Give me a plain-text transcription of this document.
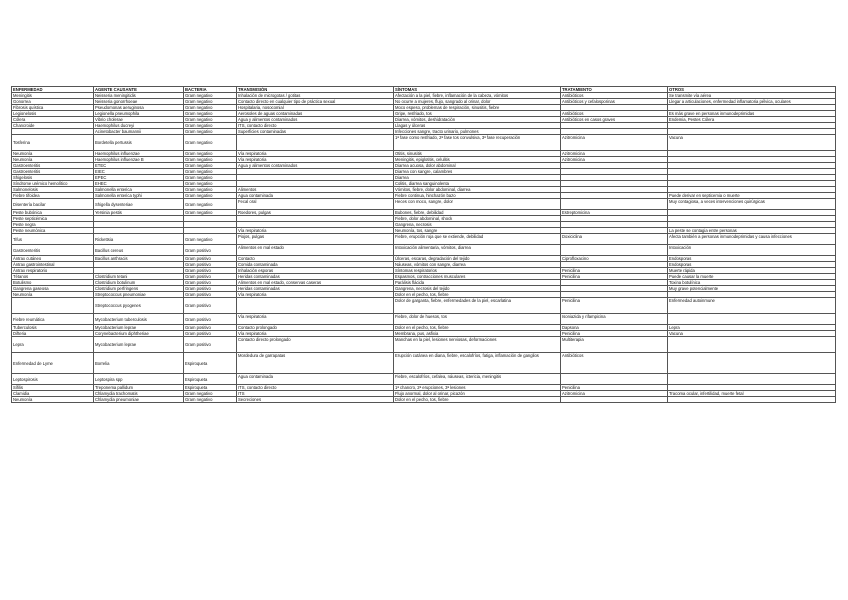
ENFERMEDAD	AGENTE CAUSANTE	BACTERIA	TRANSMISIÓN	SÍNTOMAS	TRATAMIENTO	OTROS
Meningitis	Neisseria meningitidis	Gram negativo	Inhalación de microgotas / gotitas	Afectación a la piel, fiebre, inflamación de la cabeza, vómitos	Antibióticos	Se transmite vía aérea
Gonorrea	Neisseria gonorrhoeae	Gram negativo	Contacto directo en cualquier tipo de práctica sexual	No ocurre a mujeres, flujo, sangrado al orinar, dolor	Antibióticos y cefalosporinas	Llegar a articulaciones, enfermedad inflamatoria pélvica, oculares
Fibrosis quística	Pseudomonas aeruginosa	Gram negativo	Hospitalaria, nosocomial	Moco espeso, problemas de respiración, sinusitis, fiebre		
Legionelosis	Legionella pneumophila	Gram negativo	Aerosoles de aguas contaminadas	Gripe, resfriado, tos	Antibióticos	Es más grave en personas inmunodeprimidas
Cólera	Vibrio cholerae	Gram negativo	Agua y alimentos contaminados	Diarrea, vómitos, deshidratación	Antibióticos en casos graves	Endemia, Pestes Cólera
Chancroide	Haemophilus ducreyi	Gram negativo	ITS, contacto directo	Llagas y úlceras		
	Acinetobacter baumannii	Gram negativo	Superficies contaminadas	Infecciones sangre, tracto urinario, pulmones		
Tosferina	Bordetella pertussis	Gram negativo		1ª fase como resfriado, 2ª fase tos convulsiva, 3ª fase recuperación	Azitromicina	Vacuna
Neumonía	Haemophilus influenzae	Gram negativo	Vía respiratoria	Otitis, sinusitis	Azitromicina	
Neumonía	Haemophilus influenzae B	Gram negativo	Vía respiratoria	Meningitis, epiglotitis, celulitis	Azitromicina	
Gastroenteritis	ETEC	Gram negativo	Agua y alimentos contaminados	Diarrea acuosa, dolor abdominal		
Gastroenteritis	EIEC	Gram negativo		Diarrea con sangre, calambres		
Shigelosis	EPEC	Gram negativo		Diarrea		
Síndrome urémico hemolítico	EHEC	Gram negativo		Colitis, diarrea sanguinolenta		
Salmonelosis	Salmonella enterica	Gram negativo	Alimentos	Vómitos, fiebre, dolor abdominal, diarrea		
Fiebre tifoidea	Salmonella enterica typhi	Gram negativo	Agua contaminada	Fiebre continua, hinchazón bazo		Puede derivar en septicemia o muerte
Disentería bacilar	Shigella dysenteriae	Gram negativo	Fecal oral	Heces con moco, sangre, dolor		Muy contagiosa, a veces intervenciones quirúrgicas
Peste bubónica	Yersinia pestis	Gram negativo	Roedores, pulgas	Bubones, fiebre, debilidad	Estreptomicina	
Peste septicémica				Fiebre, dolor abdominal, shock		
Peste negra				Gangrena, necrosis		
Peste neumónica			Vía respiratoria	Neumonía, tos, sangre		La peste se contagia entre personas
Tifus	Rickettsia	Gram negativo	Piojos, pulgas	Fiebre, erupción roja que se extiende, debilidad	Doxiciclina	Afecta también a personas inmunodeprimidas y causa infecciones
Gastroenteritis	Bacillus cereus	Gram positivo	Alimentos en mal estado	Intoxicación alimentaria, vómitos, diarrea		Intoxicación
Ántrax cutáneo	Bacillus anthracis	Gram positivo	Contacto	Úlceras, escaras, degradación del tejido	Ciprofloxacino	Endosporas
Ántrax gastrointestinal		Gram positivo	Comida contaminada	Náuseas, vómitos con sangre, diarrea		Endosporas
Ántrax respiratorio		Gram positivo	Inhalación esporas	Síntomas respiratorios	Penicilina	Muerte rápida
Tétanos	Clostridium tetani	Gram positivo	Heridas contaminadas	Espasmos, contracciones musculares	Penicilina	Puede causar la muerte
Botulismo	Clostridium botulinum	Gram positivo	Alimentos en mal estado, conservas caseras	Parálisis flácida		Toxina botulínica
Gangrena gaseosa	Clostridium perfringens	Gram positivo	Heridas contaminadas	Gangrena, necrosis del tejido		Muy grave potencialmente
Neumonía	Streptococcus pneumoniae	Gram positivo	Vía respiratoria	Dolor en el pecho, tos, fiebre		
	Streptococcus pyogenes	Gram positivo		Dolor de garganta, fiebre, enfermedades de la piel, escarlatina	Penicilina	Enfermedad autoinmune
Fiebre reumática	Mycobacterium tuberculosis	Gram positivo	Vía respiratoria	Fiebre, dolor de huesos, tos	Isoniazida y rifampicina	
Tuberculosis	Mycobacterium leprae	Gram positivo	Contacto prolongado	Dolor en el pecho, tos, fiebre	Dapsona	Lepra
Difteria	Corynebacterium diphtheriae	Gram positivo	Vía respiratoria	Membrana, pus, asfixia	Penicilina	Vacuna
Lepra	Mycobacterium leprae	Gram positivo	Contacto directo prolongado	Manchas en la piel, lesiones nerviosas, deformaciones	Multiterapia	
Enfermedad de Lyme	Borrelia	Espiroqueta	Mordedura de garrapatas	Erupción cutánea en diana, fiebre, escalofríos, fatiga, inflamación de ganglios	Antibióticos	
Leptospirosis	Leptospira spp	Espiroqueta	Agua contaminada	Fiebre, escalofríos, cefalea, náuseas, ictericia, meningitis		
Sífilis	Treponema pallidum	Espiroqueta	ITS, contacto directo	1ª chancro, 2ª erupciones, 3ª lesiones	Penicilina	
Clamidia	Chlamydia trachomatis	Gram negativo	ITS	Flujo anormal, dolor al orinar, picazón	Azitromicina	Tracoma ocular, infertilidad, muerte fetal
Neumonía	Chlamydia pneumoniae	Gram negativo	Secreciones	Dolor en el pecho, tos, fiebre		
